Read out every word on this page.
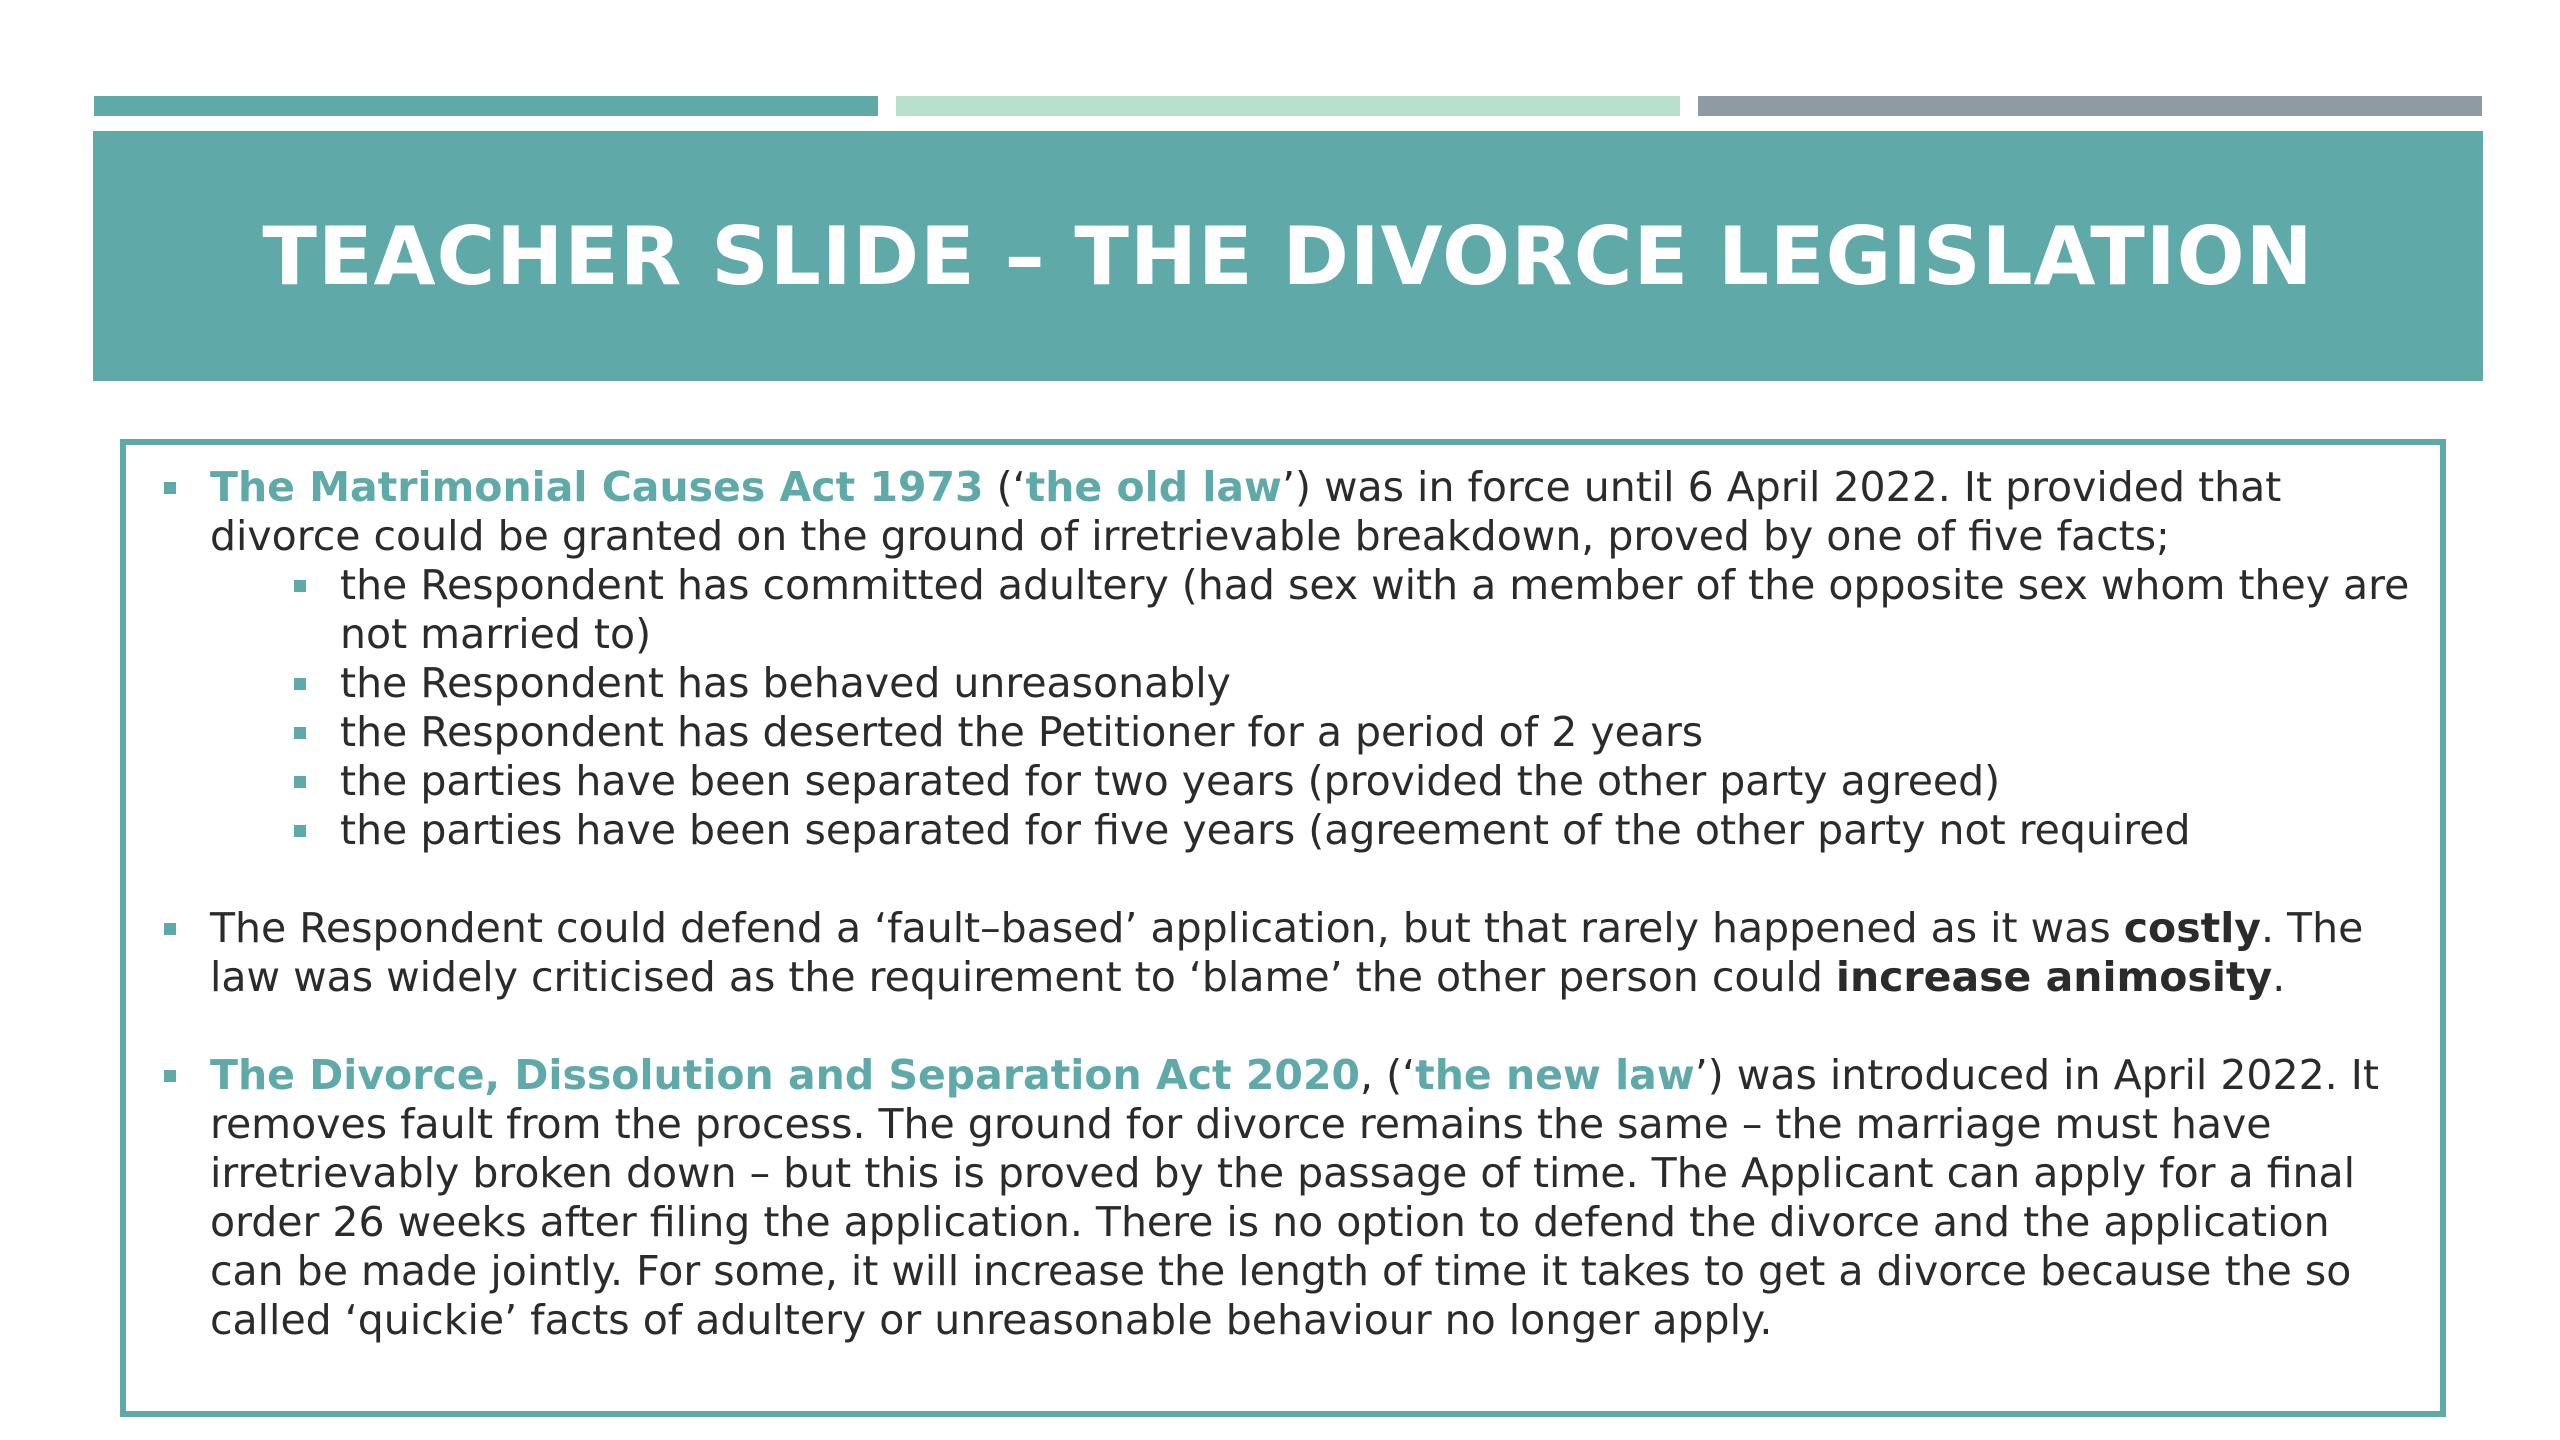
TEACHER SLIDE – THE DIVORCE LEGISLATION
The Matrimonial Causes Act 1973 (‘the old law’) was in force until 6 April 2022. It provided that divorce could be granted on the ground of irretrievable breakdown, proved by one of five facts;
the Respondent has committed adultery (had sex with a member of the opposite sex whom they are not married to)
the Respondent has behaved unreasonably
the Respondent has deserted the Petitioner for a period of 2 years
the parties have been separated for two years (provided the other party agreed)
the parties have been separated for five years (agreement of the other party not required
The Respondent could defend a ‘fault–based’ application, but that rarely happened as it was costly. The law was widely criticised as the requirement to ‘blame’ the other person could increase animosity.
The Divorce, Dissolution and Separation Act 2020, (‘the new law’) was introduced in April 2022. It removes fault from the process. The ground for divorce remains the same – the marriage must have irretrievably broken down – but this is proved by the passage of time. The Applicant can apply for a final order 26 weeks after filing the application. There is no option to defend the divorce and the application can be made jointly. For some, it will increase the length of time it takes to get a divorce because the so called ‘quickie’ facts of adultery or unreasonable behaviour no longer apply.
